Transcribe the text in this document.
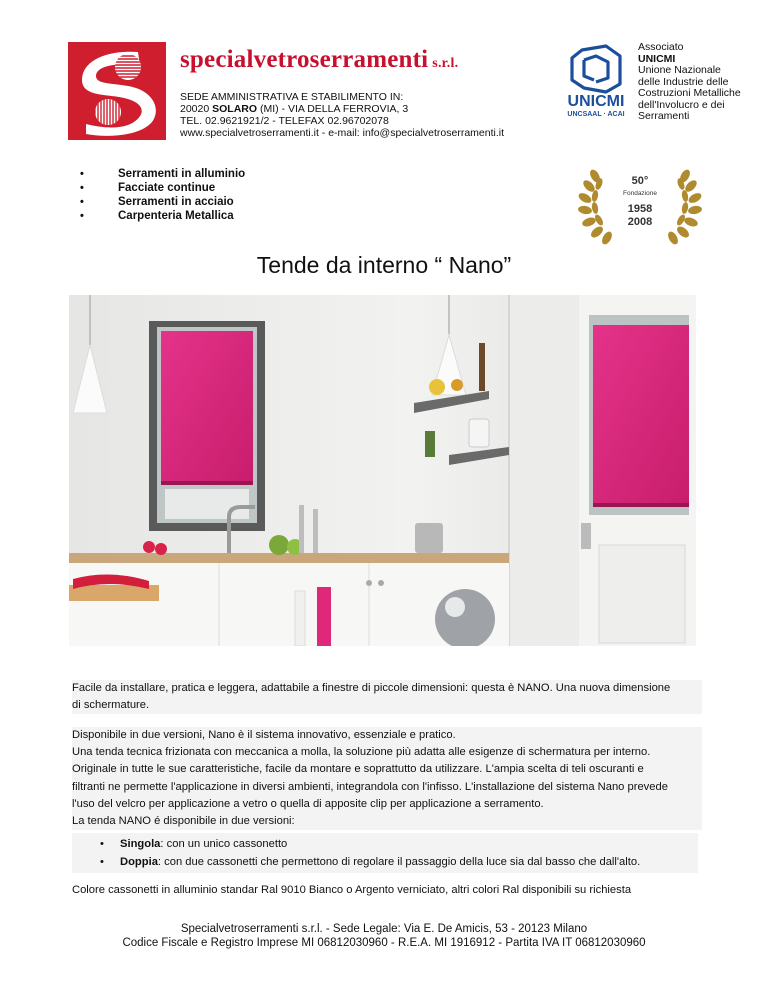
specialvetroserramenti s.r.l.
SEDE AMMINISTRATIVA E STABILIMENTO IN:
20020 SOLARO (MI) - VIA DELLA FERROVIA, 3
TEL. 02.9621921/2 - TELEFAX 02.96702078
www.specialvetroserramenti.it - e-mail: info@specialvetroserramenti.it
UNICMI
UNCSAAL · ACAI
Associato
UNICMI
Unione Nazionale
delle Industrie delle
Costruzioni Metalliche
dell'Involucro e dei
Serramenti
•	Serramenti in alluminio
•	Facciate continue
•	Serramenti in acciaio
•	Carpenteria Metallica
50°
Fondazione
1958
2008
Tende da interno “ Nano”
Facile da installare, pratica e leggera, adattabile a finestre di piccole dimensioni: questa è NANO. Una nuova dimensione
di schermature.
Disponibile in due versioni, Nano è il sistema innovativo, essenziale e pratico.
Una tenda tecnica frizionata con meccanica a molla, la soluzione più adatta alle esigenze di schermatura per interno.
Originale in tutte le sue caratteristiche, facile da montare e soprattutto da utilizzare. L'ampia scelta di teli oscuranti e
filtranti ne permette l'applicazione in diversi ambienti, integrandola con l'infisso. L'installazione del sistema Nano prevede
l'uso del velcro per applicazione a vetro o quella di apposite clip per applicazione a serramento.
La tenda NANO é disponibile in due versioni:
•	Singola: con un unico cassonetto
•	Doppia: con due cassonetti che permettono di regolare il passaggio della luce sia dal basso che dall'alto.
Colore cassonetti in alluminio standar Ral 9010 Bianco o Argento verniciato, altri colori Ral disponibili su richiesta
Specialvetroserramenti s.r.l. - Sede Legale: Via E. De Amicis, 53 - 20123 Milano
Codice Fiscale e Registro Imprese MI 06812030960 - R.E.A. MI 1916912 - Partita IVA IT 06812030960
